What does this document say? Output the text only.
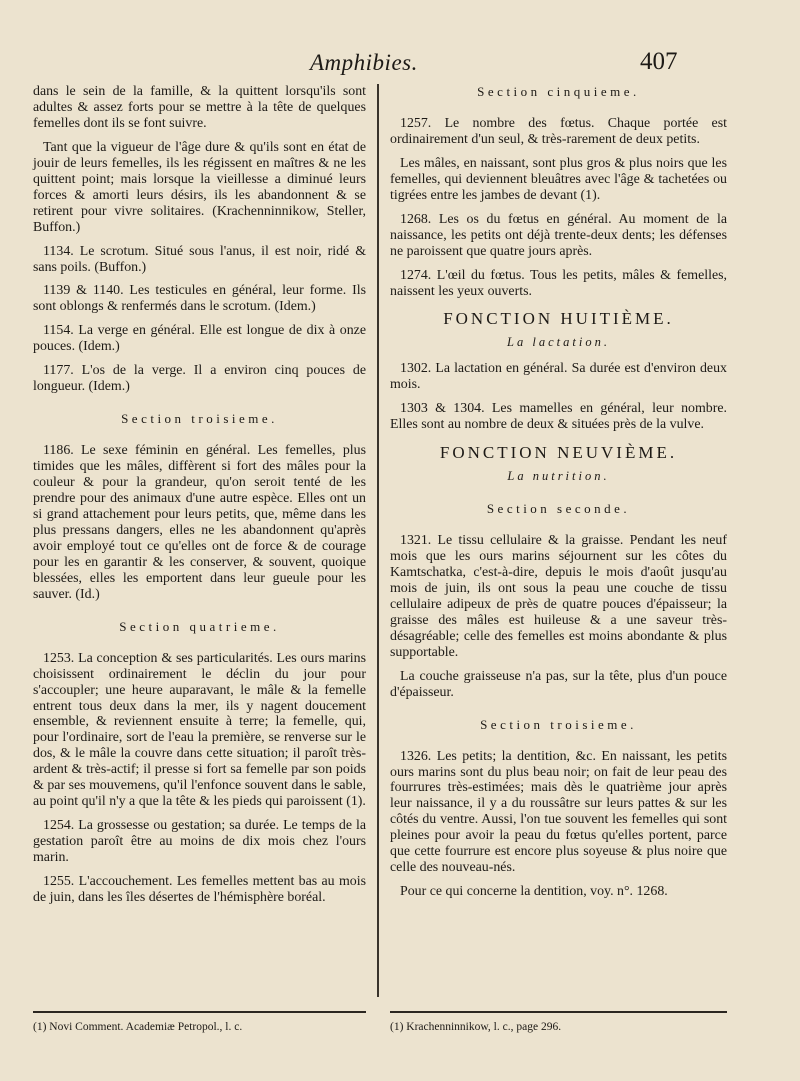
Amphibies.	407

dans le sein de la famille, & la quittent lorsqu'ils sont adultes & assez forts pour se mettre à la tête de quelques femelles dont ils se font suivre.

Tant que la vigueur de l'âge dure & qu'ils sont en état de jouir de leurs femelles, ils les régissent en maîtres & ne les quittent point; mais lorsque la vieillesse a diminué leurs forces & amorti leurs désirs, ils les abandonnent & se retirent pour vivre solitaires. (Krachenninnikow, Steller, Buffon.)

1134. Le scrotum. Situé sous l'anus, il est noir, ridé & sans poils. (Buffon.)

1139 & 1140. Les testicules en général, leur forme. Ils sont oblongs & renfermés dans le scrotum. (Idem.)

1154. La verge en général. Elle est longue de dix à onze pouces. (Idem.)

1177. L'os de la verge. Il a environ cinq pouces de longueur. (Idem.)

Section troisieme.

1186. Le sexe féminin en général. Les femelles, plus timides que les mâles, diffèrent si fort des mâles pour la couleur & pour la grandeur, qu'on seroit tenté de les prendre pour des animaux d'une autre espèce. Elles ont un si grand attachement pour leurs petits, que, même dans les plus pressans dangers, elles ne les abandonnent qu'après avoir employé tout ce qu'elles ont de force & de courage pour les en garantir & les conserver, & souvent, quoique blessées, elles les emportent dans leur gueule pour les sauver. (Id.)

Section quatrieme.

1253. La conception & ses particularités. Les ours marins choisissent ordinairement le déclin du jour pour s'accoupler; une heure auparavant, le mâle & la femelle entrent tous deux dans la mer, ils y nagent doucement ensemble, & reviennent ensuite à terre; la femelle, qui, pour l'ordinaire, sort de l'eau la première, se renverse sur le dos, & le mâle la couvre dans cette situation; il paroît très-ardent & très-actif; il presse si fort sa femelle par son poids & par ses mouvemens, qu'il l'enfonce souvent dans le sable, au point qu'il n'y a que la tête & les pieds qui paroissent (1).

1254. La grossesse ou gestation; sa durée. Le temps de la gestation paroît être au moins de dix mois chez l'ours marin.

1255. L'accouchement. Les femelles mettent bas au mois de juin, dans les îles désertes de l'hémisphère boréal.

Section cinquieme.

1257. Le nombre des fœtus. Chaque portée est ordinairement d'un seul, & très-rarement de deux petits.

Les mâles, en naissant, sont plus gros & plus noirs que les femelles, qui deviennent bleuâtres avec l'âge & tachetées ou tigrées entre les jambes de devant (1).

1268. Les os du fœtus en général. Au moment de la naissance, les petits ont déjà trente-deux dents; les défenses ne paroissent que quatre jours après.

1274. L'œil du fœtus. Tous les petits, mâles & femelles, naissent les yeux ouverts.

FONCTION HUITIÈME.
La lactation.

1302. La lactation en général. Sa durée est d'environ deux mois.

1303 & 1304. Les mamelles en général, leur nombre. Elles sont au nombre de deux & situées près de la vulve.

FONCTION NEUVIÈME.
La nutrition.
Section seconde.

1321. Le tissu cellulaire & la graisse. Pendant les neuf mois que les ours marins séjournent sur les côtes du Kamtschatka, c'est-à-dire, depuis le mois d'août jusqu'au mois de juin, ils ont sous la peau une couche de tissu cellulaire adipeux de près de quatre pouces d'épaisseur; la graisse des mâles est huileuse & a une saveur très-désagréable; celle des femelles est moins abondante & plus supportable.

La couche graisseuse n'a pas, sur la tête, plus d'un pouce d'épaisseur.

Section troisieme.

1326. Les petits; la dentition, &c. En naissant, les petits ours marins sont du plus beau noir; on fait de leur peau des fourrures très-estimées; mais dès le quatrième jour après leur naissance, il y a du roussâtre sur leurs pattes & sur les côtés du ventre. Aussi, l'on tue souvent les femelles qui sont pleines pour avoir la peau du fœtus qu'elles portent, parce que cette fourrure est encore plus soyeuse & plus noire que celle des nouveau-nés.

Pour ce qui concerne la dentition, voy. n°. 1268.

(1) Novi Comment. Academiæ Petropol., l. c.	(1) Krachenninnikow, l. c., page 296.
